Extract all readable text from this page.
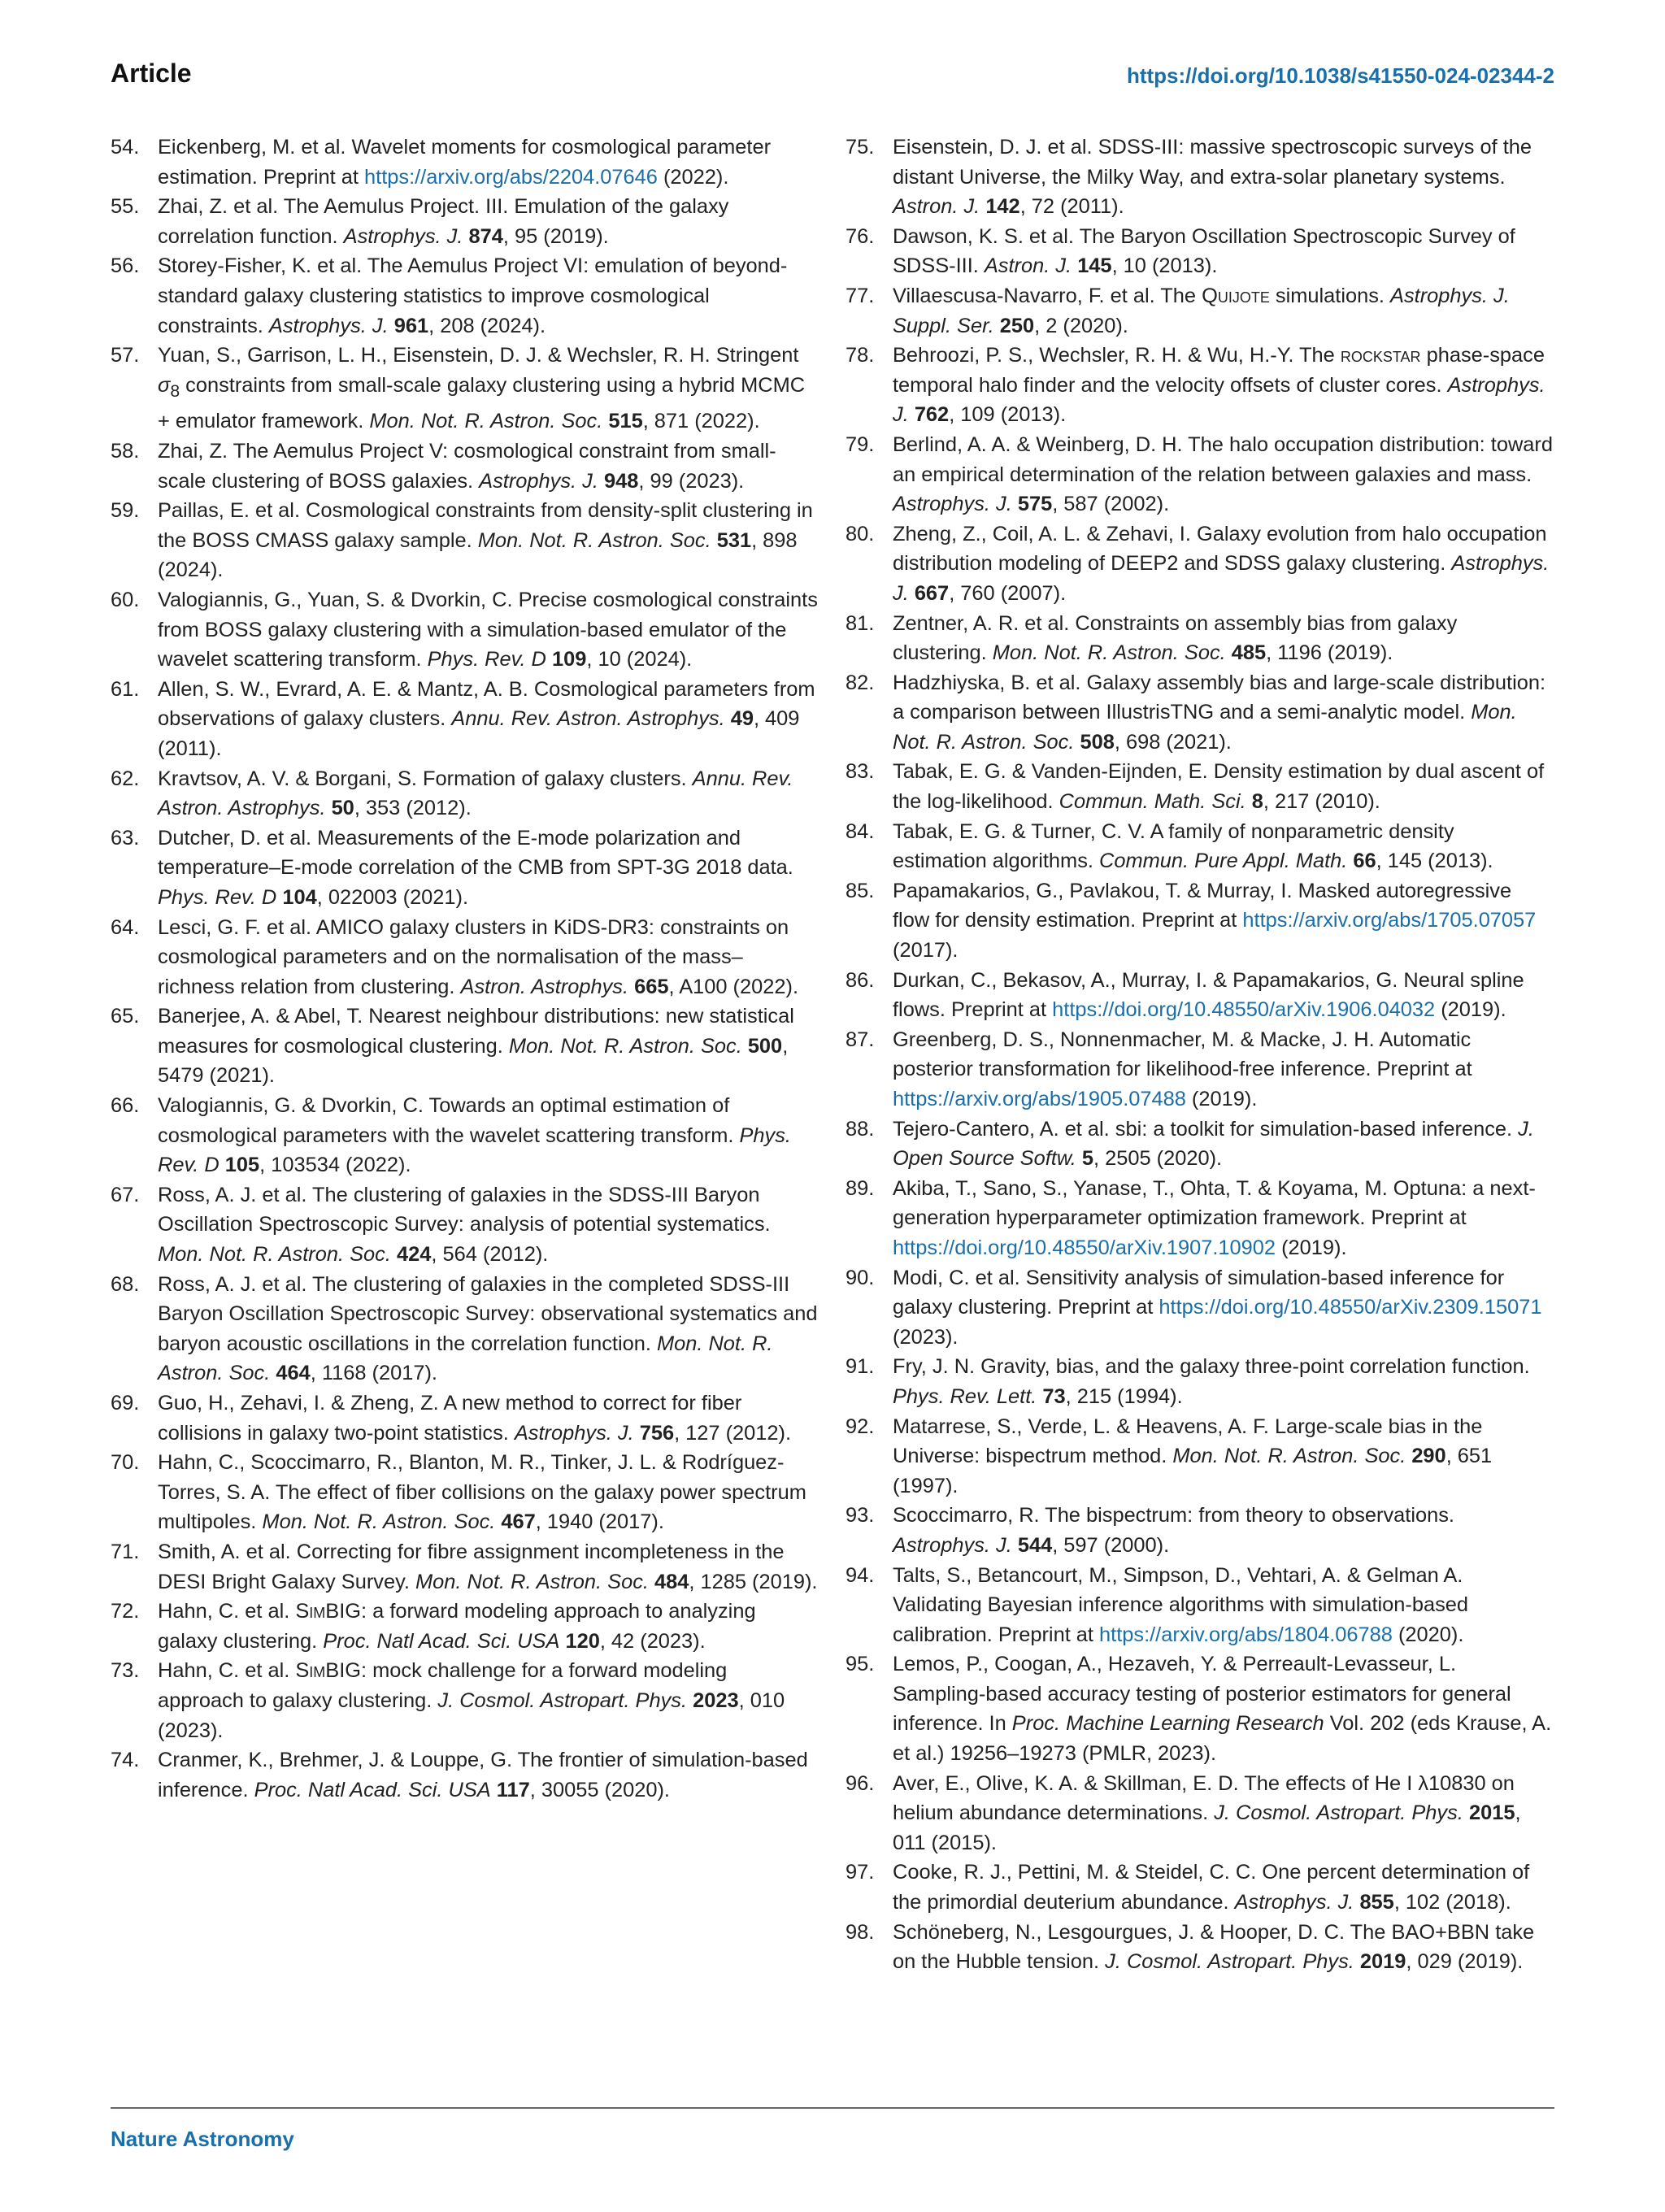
Article	https://doi.org/10.1038/s41550-024-02344-2
54. Eickenberg, M. et al. Wavelet moments for cosmological parameter estimation. Preprint at https://arxiv.org/abs/2204.07646 (2022).
55. Zhai, Z. et al. The Aemulus Project. III. Emulation of the galaxy correlation function. Astrophys. J. 874, 95 (2019).
56. Storey-Fisher, K. et al. The Aemulus Project VI: emulation of beyond-standard galaxy clustering statistics to improve cosmological constraints. Astrophys. J. 961, 208 (2024).
57. Yuan, S., Garrison, L. H., Eisenstein, D. J. & Wechsler, R. H. Stringent $\sigma_8$ constraints from small-scale galaxy clustering using a hybrid MCMC + emulator framework. Mon. Not. R. Astron. Soc. 515, 871 (2022).
58. Zhai, Z. The Aemulus Project V: cosmological constraint from small-scale clustering of BOSS galaxies. Astrophys. J. 948, 99 (2023).
59. Paillas, E. et al. Cosmological constraints from density-split clustering in the BOSS CMASS galaxy sample. Mon. Not. R. Astron. Soc. 531, 898 (2024).
60. Valogiannis, G., Yuan, S. & Dvorkin, C. Precise cosmological constraints from BOSS galaxy clustering with a simulation-based emulator of the wavelet scattering transform. Phys. Rev. D 109, 10 (2024).
61. Allen, S. W., Evrard, A. E. & Mantz, A. B. Cosmological parameters from observations of galaxy clusters. Annu. Rev. Astron. Astrophys. 49, 409 (2011).
62. Kravtsov, A. V. & Borgani, S. Formation of galaxy clusters. Annu. Rev. Astron. Astrophys. 50, 353 (2012).
63. Dutcher, D. et al. Measurements of the E-mode polarization and temperature–E-mode correlation of the CMB from SPT-3G 2018 data. Phys. Rev. D 104, 022003 (2021).
64. Lesci, G. F. et al. AMICO galaxy clusters in KiDS-DR3: constraints on cosmological parameters and on the normalisation of the mass–richness relation from clustering. Astron. Astrophys. 665, A100 (2022).
65. Banerjee, A. & Abel, T. Nearest neighbour distributions: new statistical measures for cosmological clustering. Mon. Not. R. Astron. Soc. 500, 5479 (2021).
66. Valogiannis, G. & Dvorkin, C. Towards an optimal estimation of cosmological parameters with the wavelet scattering transform. Phys. Rev. D 105, 103534 (2022).
67. Ross, A. J. et al. The clustering of galaxies in the SDSS-III Baryon Oscillation Spectroscopic Survey: analysis of potential systematics. Mon. Not. R. Astron. Soc. 424, 564 (2012).
68. Ross, A. J. et al. The clustering of galaxies in the completed SDSS-III Baryon Oscillation Spectroscopic Survey: observational systematics and baryon acoustic oscillations in the correlation function. Mon. Not. R. Astron. Soc. 464, 1168 (2017).
69. Guo, H., Zehavi, I. & Zheng, Z. A new method to correct for fiber collisions in galaxy two-point statistics. Astrophys. J. 756, 127 (2012).
70. Hahn, C., Scoccimarro, R., Blanton, M. R., Tinker, J. L. & Rodríguez-Torres, S. A. The effect of fiber collisions on the galaxy power spectrum multipoles. Mon. Not. R. Astron. Soc. 467, 1940 (2017).
71. Smith, A. et al. Correcting for fibre assignment incompleteness in the DESI Bright Galaxy Survey. Mon. Not. R. Astron. Soc. 484, 1285 (2019).
72. Hahn, C. et al. SimBIG: a forward modeling approach to analyzing galaxy clustering. Proc. Natl Acad. Sci. USA 120, 42 (2023).
73. Hahn, C. et al. SimBIG: mock challenge for a forward modeling approach to galaxy clustering. J. Cosmol. Astropart. Phys. 2023, 010 (2023).
74. Cranmer, K., Brehmer, J. & Louppe, G. The frontier of simulation-based inference. Proc. Natl Acad. Sci. USA 117, 30055 (2020).
75. Eisenstein, D. J. et al. SDSS-III: massive spectroscopic surveys of the distant Universe, the Milky Way, and extra-solar planetary systems. Astron. J. 142, 72 (2011).
76. Dawson, K. S. et al. The Baryon Oscillation Spectroscopic Survey of SDSS-III. Astron. J. 145, 10 (2013).
77. Villaescusa-Navarro, F. et al. The Quijote simulations. Astrophys. J. Suppl. Ser. 250, 2 (2020).
78. Behroozi, P. S., Wechsler, R. H. & Wu, H.-Y. The rockstar phase-space temporal halo finder and the velocity offsets of cluster cores. Astrophys. J. 762, 109 (2013).
79. Berlind, A. A. & Weinberg, D. H. The halo occupation distribution: toward an empirical determination of the relation between galaxies and mass. Astrophys. J. 575, 587 (2002).
80. Zheng, Z., Coil, A. L. & Zehavi, I. Galaxy evolution from halo occupation distribution modeling of DEEP2 and SDSS galaxy clustering. Astrophys. J. 667, 760 (2007).
81. Zentner, A. R. et al. Constraints on assembly bias from galaxy clustering. Mon. Not. R. Astron. Soc. 485, 1196 (2019).
82. Hadzhiyska, B. et al. Galaxy assembly bias and large-scale distribution: a comparison between IllustrisTNG and a semi-analytic model. Mon. Not. R. Astron. Soc. 508, 698 (2021).
83. Tabak, E. G. & Vanden-Eijnden, E. Density estimation by dual ascent of the log-likelihood. Commun. Math. Sci. 8, 217 (2010).
84. Tabak, E. G. & Turner, C. V. A family of nonparametric density estimation algorithms. Commun. Pure Appl. Math. 66, 145 (2013).
85. Papamakarios, G., Pavlakou, T. & Murray, I. Masked autoregressive flow for density estimation. Preprint at https://arxiv.org/abs/1705.07057 (2017).
86. Durkan, C., Bekasov, A., Murray, I. & Papamakarios, G. Neural spline flows. Preprint at https://doi.org/10.48550/arXiv.1906.04032 (2019).
87. Greenberg, D. S., Nonnenmacher, M. & Macke, J. H. Automatic posterior transformation for likelihood-free inference. Preprint at https://arxiv.org/abs/1905.07488 (2019).
88. Tejero-Cantero, A. et al. sbi: a toolkit for simulation-based inference. J. Open Source Softw. 5, 2505 (2020).
89. Akiba, T., Sano, S., Yanase, T., Ohta, T. & Koyama, M. Optuna: a next-generation hyperparameter optimization framework. Preprint at https://doi.org/10.48550/arXiv.1907.10902 (2019).
90. Modi, C. et al. Sensitivity analysis of simulation-based inference for galaxy clustering. Preprint at https://doi.org/10.48550/arXiv.2309.15071 (2023).
91. Fry, J. N. Gravity, bias, and the galaxy three-point correlation function. Phys. Rev. Lett. 73, 215 (1994).
92. Matarrese, S., Verde, L. & Heavens, A. F. Large-scale bias in the Universe: bispectrum method. Mon. Not. R. Astron. Soc. 290, 651 (1997).
93. Scoccimarro, R. The bispectrum: from theory to observations. Astrophys. J. 544, 597 (2000).
94. Talts, S., Betancourt, M., Simpson, D., Vehtari, A. & Gelman A. Validating Bayesian inference algorithms with simulation-based calibration. Preprint at https://arxiv.org/abs/1804.06788 (2020).
95. Lemos, P., Coogan, A., Hezaveh, Y. & Perreault-Levasseur, L. Sampling-based accuracy testing of posterior estimators for general inference. In Proc. Machine Learning Research Vol. 202 (eds Krause, A. et al.) 19256–19273 (PMLR, 2023).
96. Aver, E., Olive, K. A. & Skillman, E. D. The effects of He I λ10830 on helium abundance determinations. J. Cosmol. Astropart. Phys. 2015, 011 (2015).
97. Cooke, R. J., Pettini, M. & Steidel, C. C. One percent determination of the primordial deuterium abundance. Astrophys. J. 855, 102 (2018).
98. Schöneberg, N., Lesgourgues, J. & Hooper, D. C. The BAO+BBN take on the Hubble tension. J. Cosmol. Astropart. Phys. 2019, 029 (2019).
Nature Astronomy
